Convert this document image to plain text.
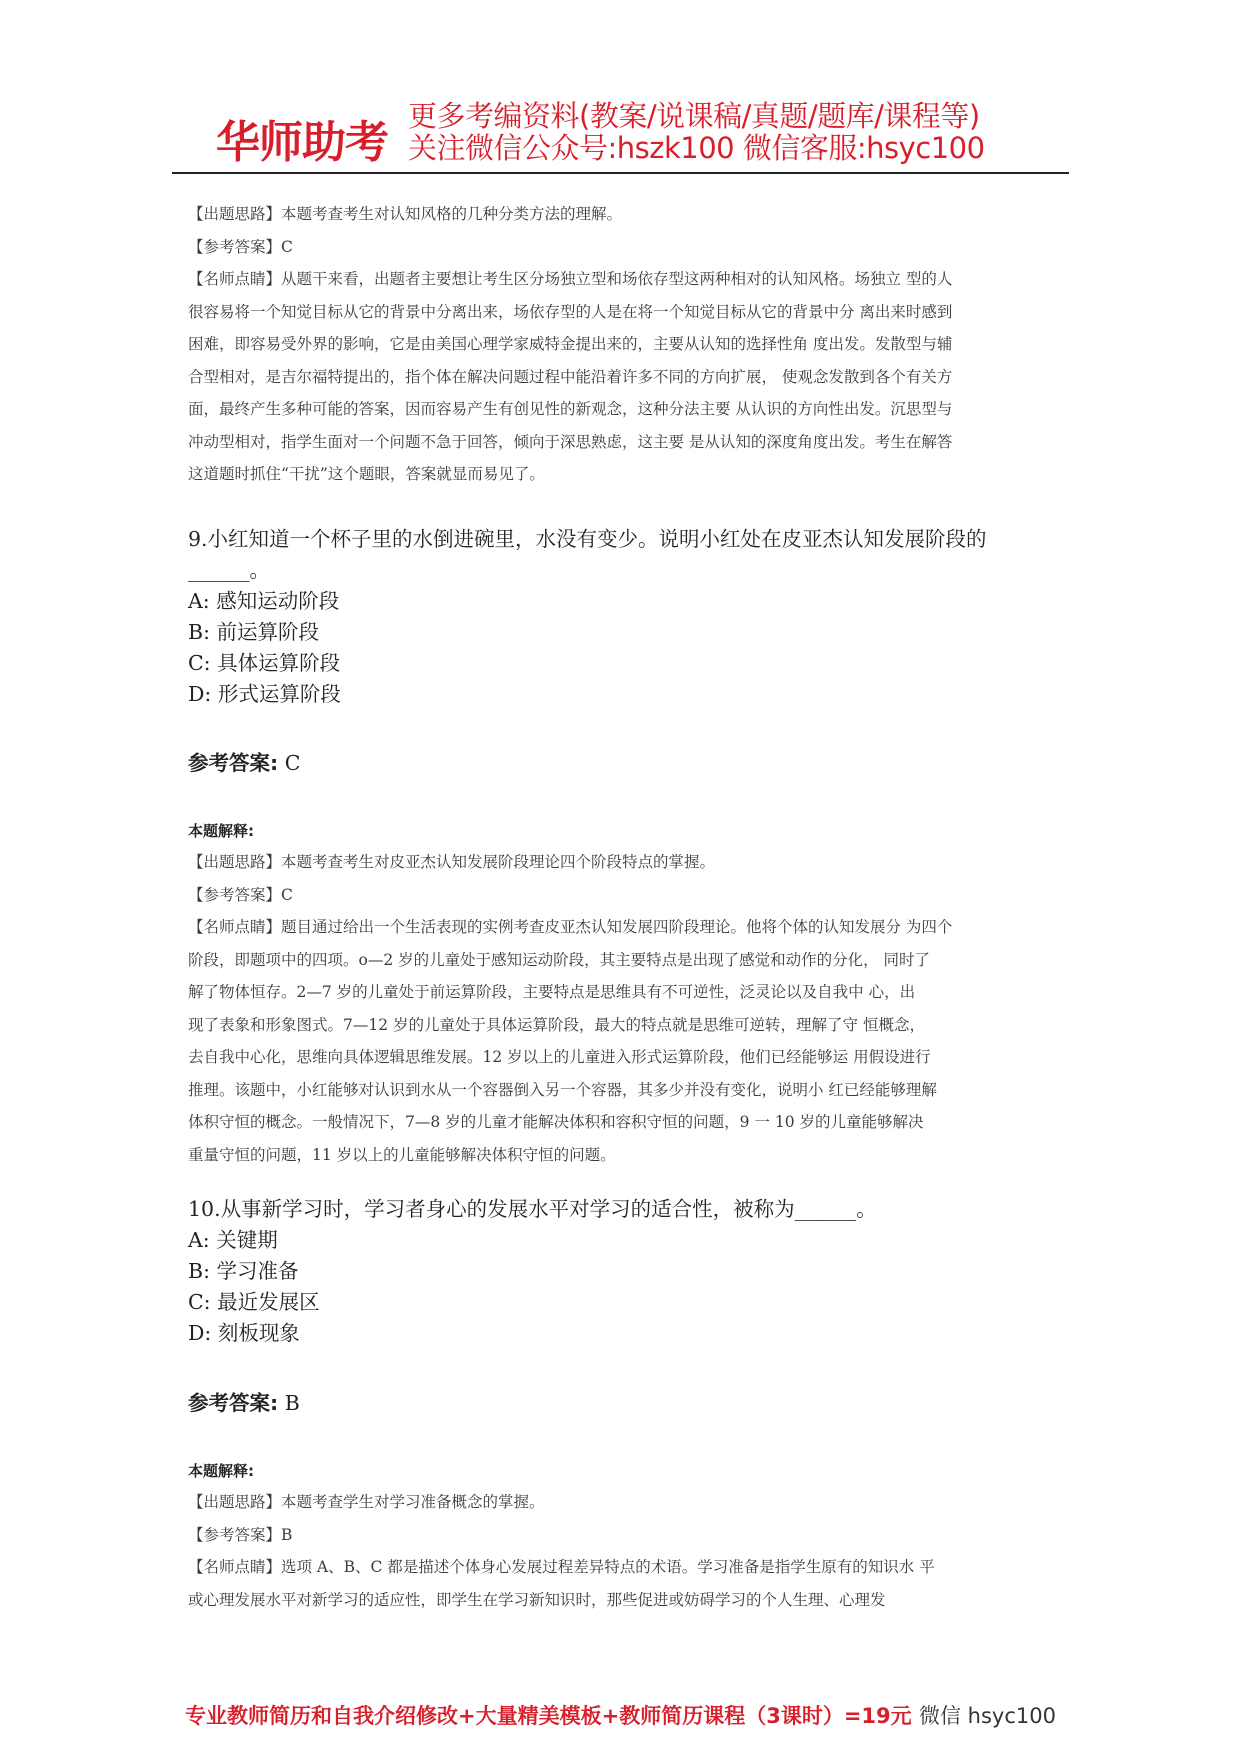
华师助考
更多考编资料(教案/说课稿/真题/题库/课程等)
关注微信公众号:hszk100 微信客服:hsyc100

【出题思路】本题考查考生对认知风格的几种分类方法的理解。

【参考答案】C

【名师点睛】从题干来看，出题者主要想让考生区分场独立型和场依存型这两种相对的认知风格。场独立 型的人

很容易将一个知觉目标从它的背景中分离出来，场依存型的人是在将一个知觉目标从它的背景中分 离出来时感到

困难，即容易受外界的影响，它是由美国心理学家威特金提出来的，主要从认知的选择性角 度出发。发散型与辅

合型相对，是吉尔福特提出的，指个体在解决问题过程中能沿着许多不同的方向扩展， 使观念发散到各个有关方

面，最终产生多种可能的答案，因而容易产生有创见性的新观念，这种分法主要 从认识的方向性出发。沉思型与

冲动型相对，指学生面对一个问题不急于回答，倾向于深思熟虑，这主要 是从认知的深度角度出发。考生在解答

这道题时抓住“干扰”这个题眼，答案就显而易见了。

9.小红知道一个杯子里的水倒进碗里，水没有变少。说明小红处在皮亚杰认知发展阶段的

______。

A: 感知运动阶段

B: 前运算阶段

C: 具体运算阶段

D: 形式运算阶段

参考答案: C

本题解释:

【出题思路】本题考查考生对皮亚杰认知发展阶段理论四个阶段特点的掌握。

【参考答案】C

【名师点睛】题目通过给出一个生活表现的实例考查皮亚杰认知发展四阶段理论。他将个体的认知发展分 为四个

阶段，即题项中的四项。o—2 岁的儿童处于感知运动阶段，其主要特点是出现了感觉和动作的分化， 同时了

解了物体恒存。2—7 岁的儿童处于前运算阶段，主要特点是思维具有不可逆性，泛灵论以及自我中 心，出

现了表象和形象图式。7—12 岁的儿童处于具体运算阶段，最大的特点就是思维可逆转，理解了守 恒概念，

去自我中心化，思维向具体逻辑思维发展。12 岁以上的儿童进入形式运算阶段，他们已经能够运 用假设进行

推理。该题中，小红能够对认识到水从一个容器倒入另一个容器，其多少并没有变化，说明小 红已经能够理解

体积守恒的概念。一般情况下，7—8 岁的儿童才能解决体积和容积守恒的问题，9 一 10 岁的儿童能够解决

重量守恒的问题，11 岁以上的儿童能够解决体积守恒的问题。

10.从事新学习时，学习者身心的发展水平对学习的适合性，被称为______。

A: 关键期

B: 学习准备

C: 最近发展区

D: 刻板现象

参考答案: B

本题解释:

【出题思路】本题考查学生对学习准备概念的掌握。

【参考答案】B

【名师点睛】选项 A、B、C 都是描述个体身心发展过程差异特点的术语。学习准备是指学生原有的知识水 平

或心理发展水平对新学习的适应性，即学生在学习新知识时，那些促进或妨碍学习的个人生理、心理发

专业教师简历和自我介绍修改+大量精美模板+教师简历课程（3课时）=19元 微信 hsyc100
